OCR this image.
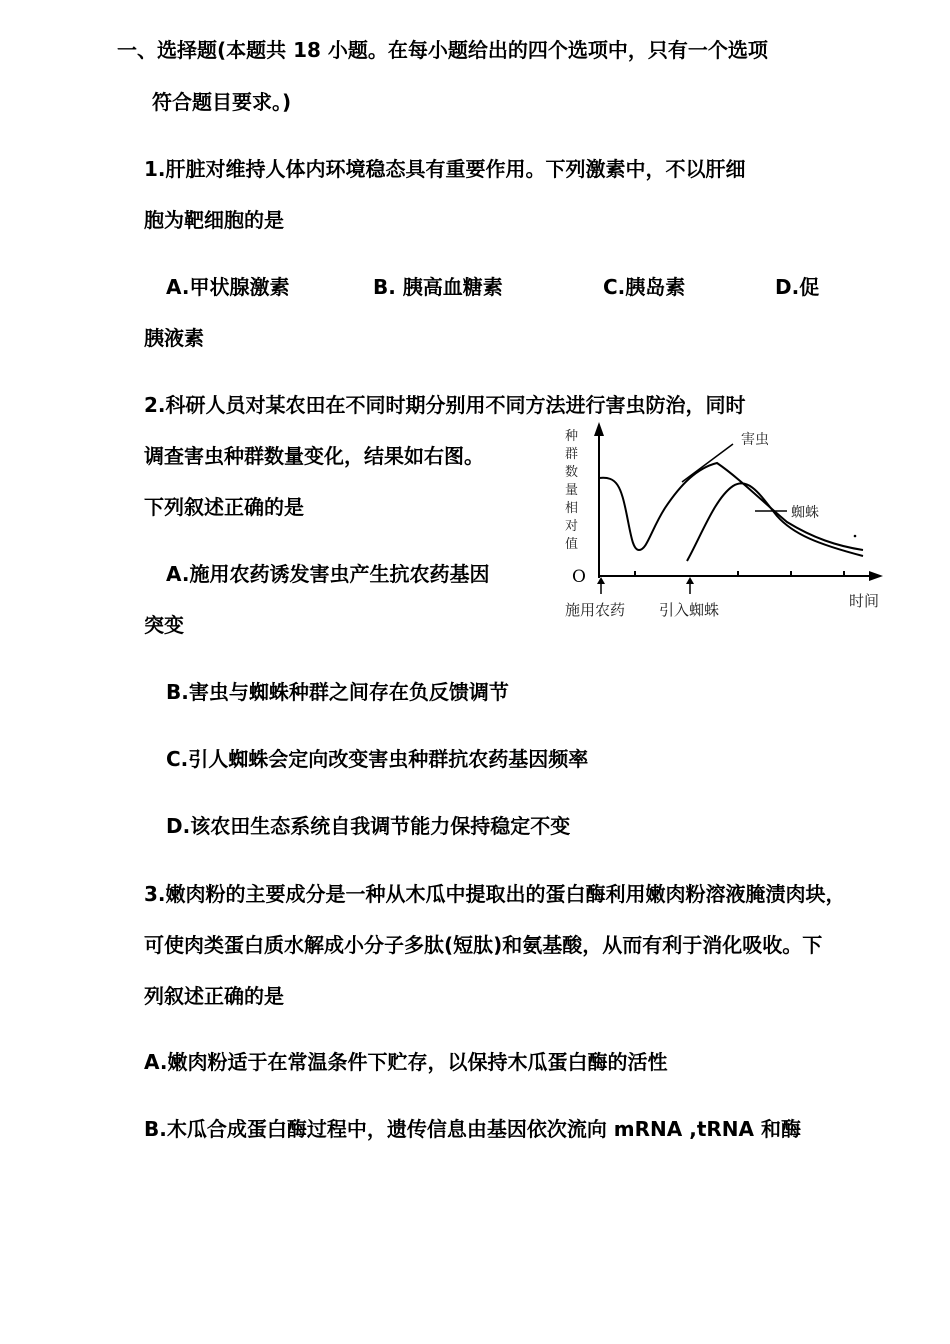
一、选择题(本题共 18 小题。在每小题给出的四个选项中，只有一个选项
符合题目要求。)
1.肝脏对维持人体内环境稳态具有重要作用。下列激素中，不以肝细
胞为靶细胞的是
A.甲状腺激素	B. 胰高血糖素	C.胰岛素	D.促
胰液素
2.科研人员对某农田在不同时期分别用不同方法进行害虫防治，同时
调查害虫种群数量变化，结果如右图。
下列叙述正确的是
A.施用农药诱发害虫产生抗农药基因
突变
B.害虫与蜘蛛种群之间存在负反馈调节
C.引人蜘蛛会定向改变害虫种群抗农药基因频率
D.该农田生态系统自我调节能力保持稳定不变
O
害虫
蜘蛛
施用农药 引入蜘蛛	时间
种
群
数
量
相
对
值
3.嫩肉粉的主要成分是一种从木瓜中提取出的蛋白酶利用嫩肉粉溶液腌渍肉块，
可使肉类蛋白质水解成小分子多肽(短肽)和氨基酸，从而有利于消化吸收。下
列叙述正确的是
A.嫩肉粉适于在常温条件下贮存，以保持木瓜蛋白酶的活性
B.木瓜合成蛋白酶过程中，遗传信息由基因依次流向 mRNA ,tRNA 和酶
